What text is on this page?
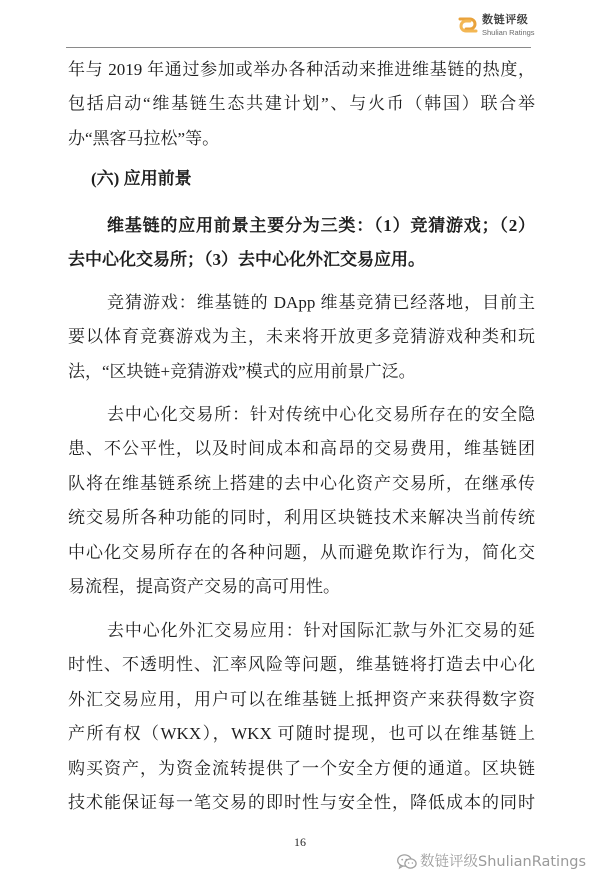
数链评级
Shulian Ratings
年与 2019 年通过参加或举办各种活动来推进维基链的热度，
包括启动“维基链生态共建计划”、与火币（韩国）联合举
办“黑客马拉松”等。
(六) 应用前景
维基链的应用前景主要分为三类：（1）竞猜游戏；（2）
去中心化交易所；（3）去中心化外汇交易应用。
竞猜游戏：维基链的 DApp 维基竞猜已经落地，目前主
要以体育竞赛游戏为主，未来将开放更多竞猜游戏种类和玩
法，“区块链+竞猜游戏”模式的应用前景广泛。
去中心化交易所：针对传统中心化交易所存在的安全隐
患、不公平性，以及时间成本和高昂的交易费用，维基链团
队将在维基链系统上搭建的去中心化资产交易所，在继承传
统交易所各种功能的同时，利用区块链技术来解决当前传统
中心化交易所存在的各种问题，从而避免欺诈行为，简化交
易流程，提高资产交易的高可用性。
去中心化外汇交易应用：针对国际汇款与外汇交易的延
时性、不透明性、汇率风险等问题，维基链将打造去中心化
外汇交易应用，用户可以在维基链上抵押资产来获得数字资
产所有权（WKX），WKX 可随时提现，也可以在维基链上
购买资产，为资金流转提供了一个安全方便的通道。区块链
技术能保证每一笔交易的即时性与安全性，降低成本的同时
16
数链评级ShulianRatings
